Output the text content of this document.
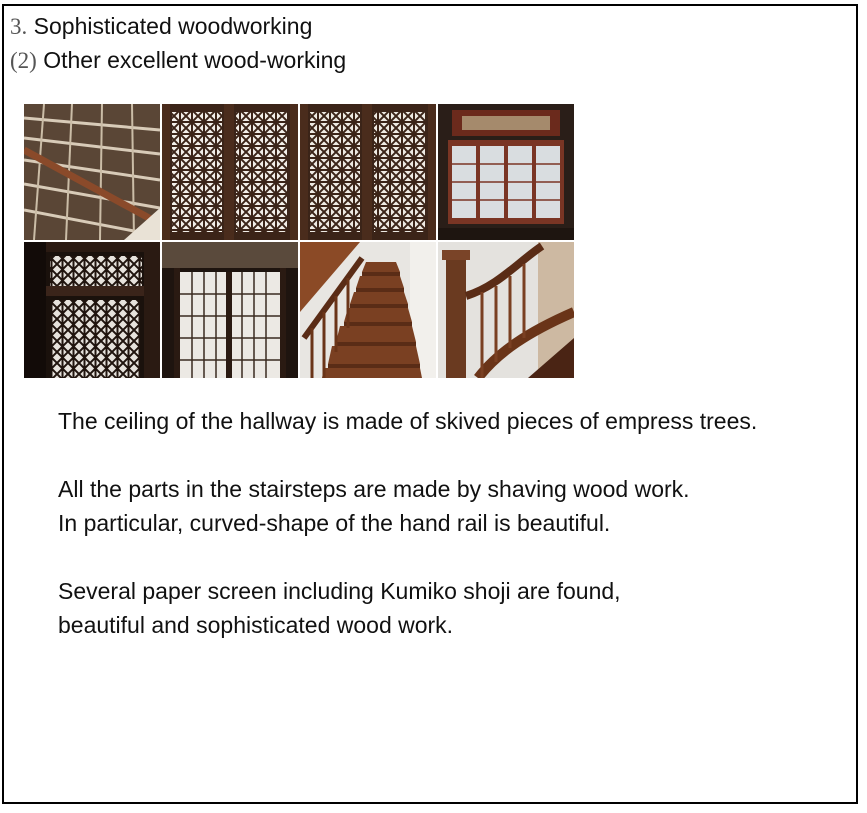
3. Sophisticated woodworking
(2) Other excellent wood-working
The ceiling of the hallway is made of skived pieces of empress trees.
All the parts in the stairsteps are made by shaving wood work.
In particular, curved-shape of the hand rail is beautiful.
Several paper screen including Kumiko shoji are found,
beautiful and sophisticated wood work.
